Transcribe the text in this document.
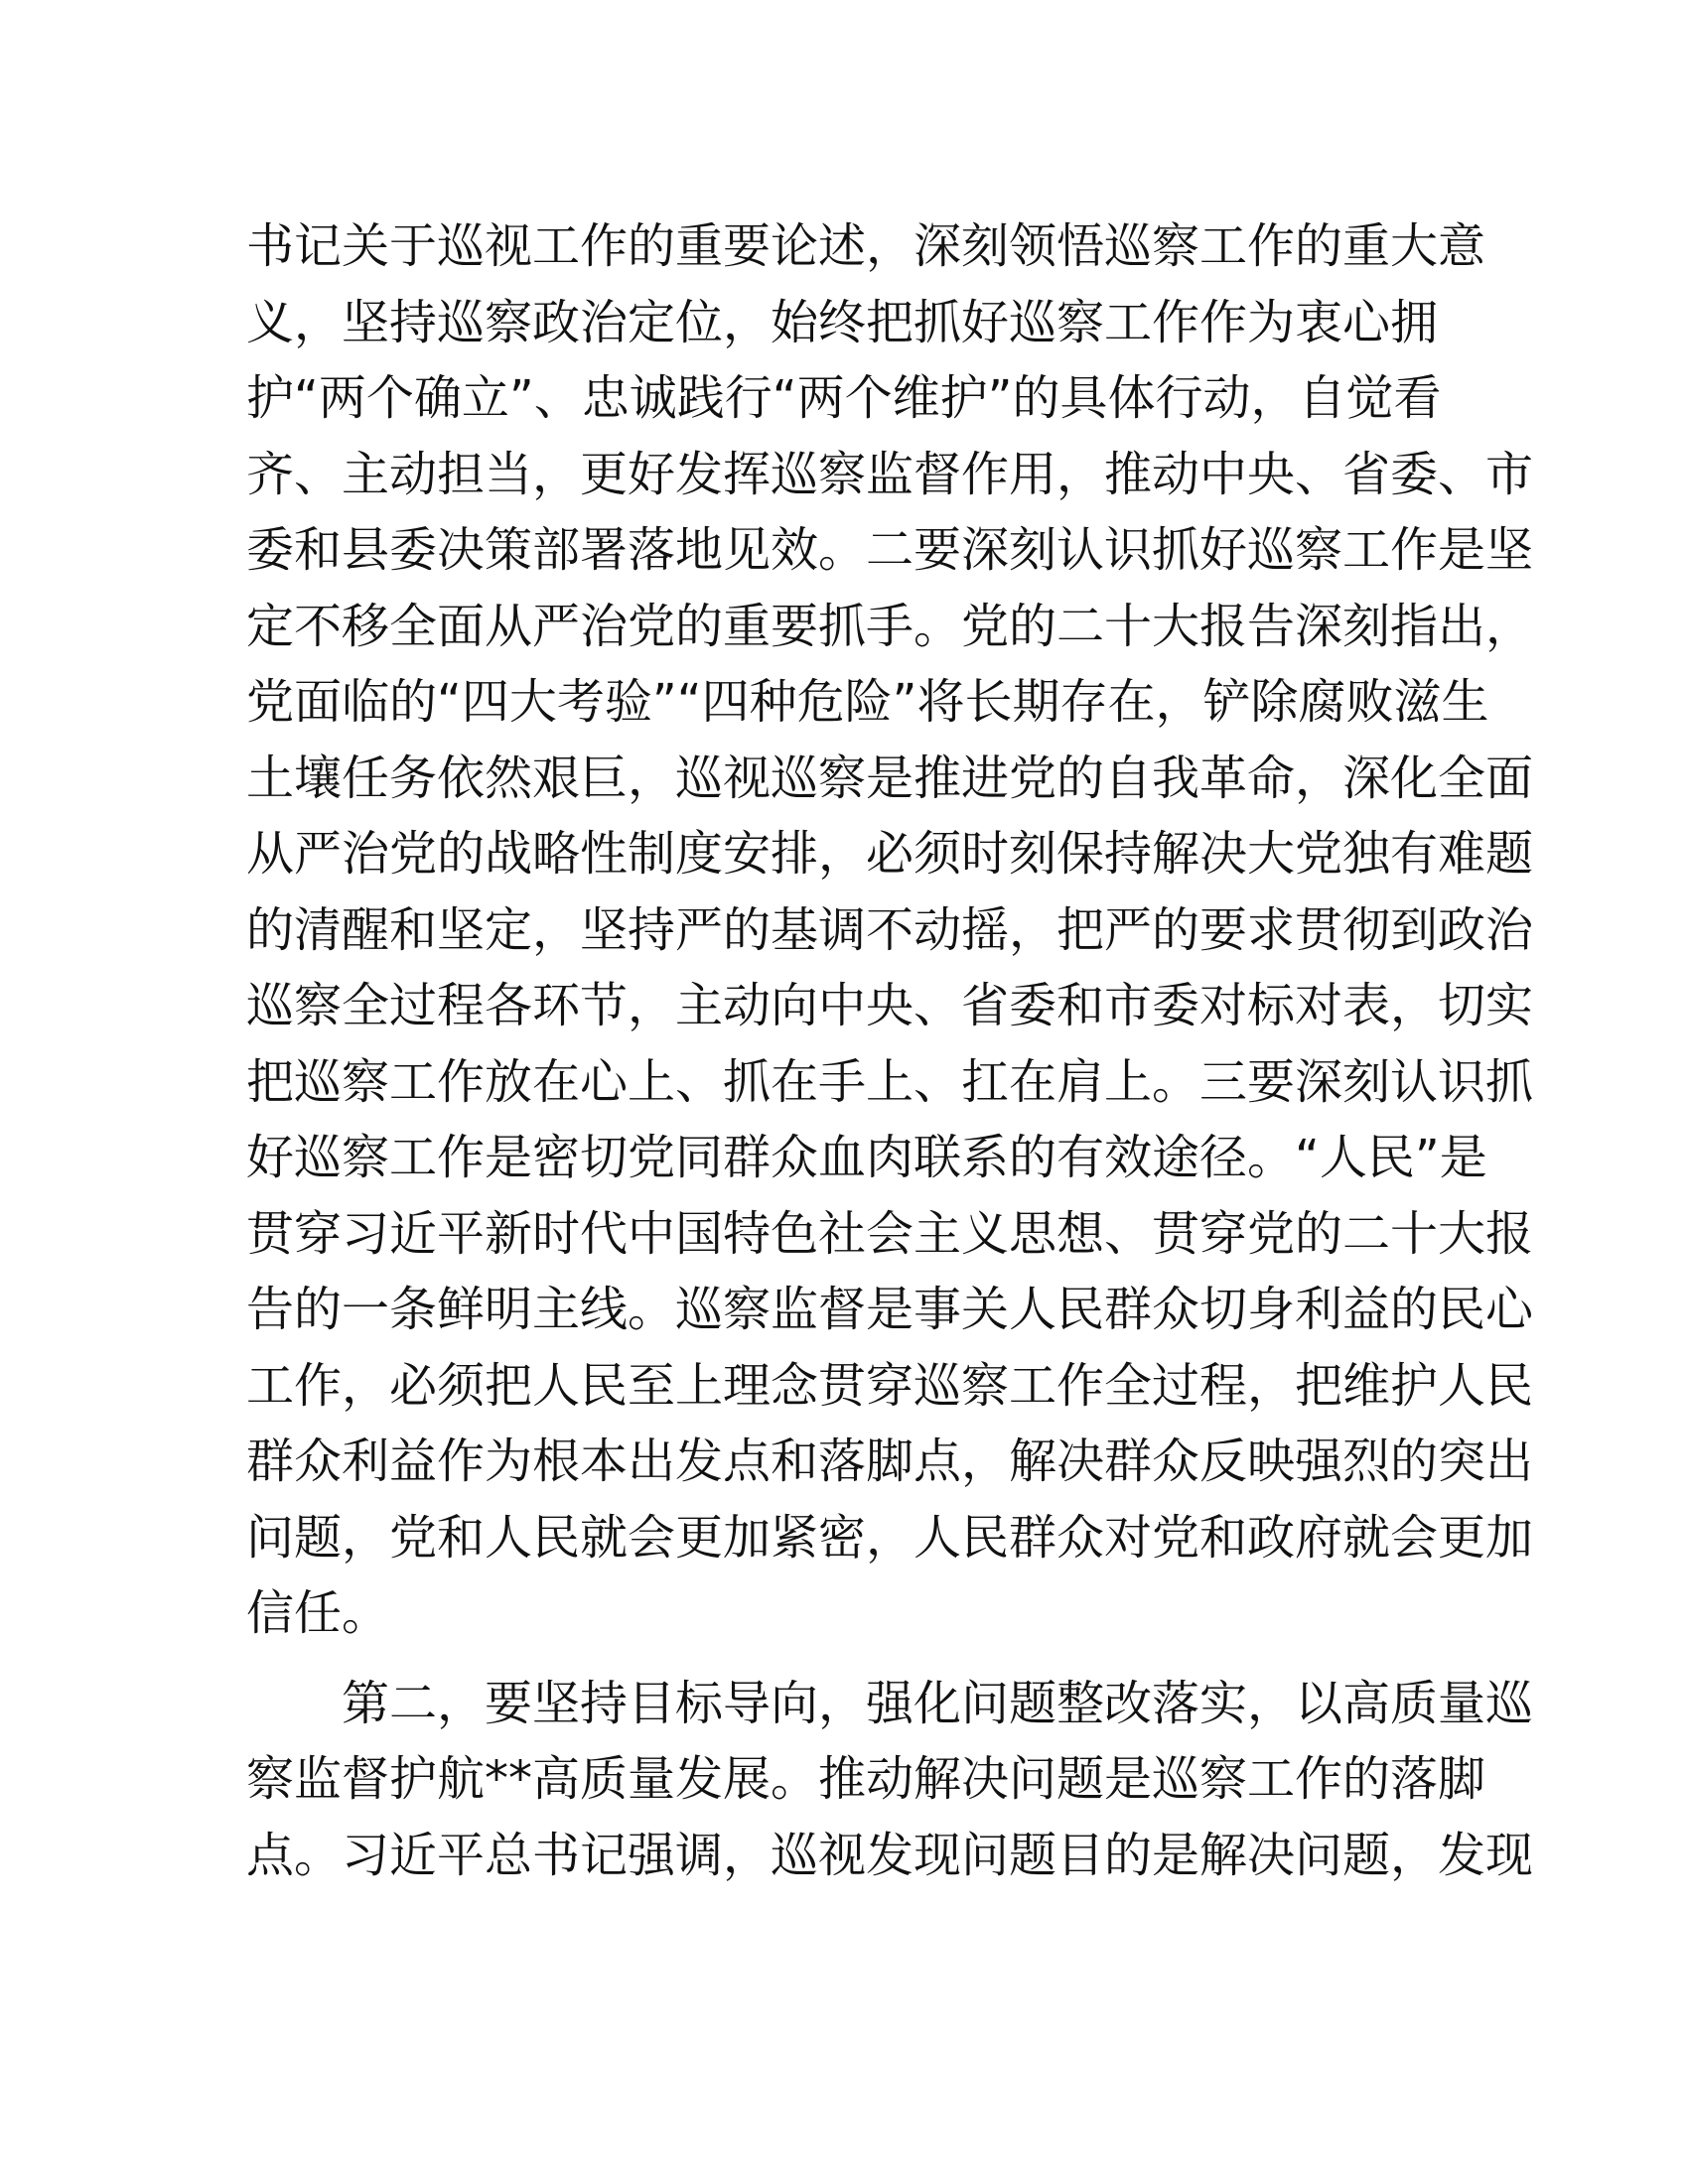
书记关于巡视工作的重要论述，深刻领悟巡察工作的重大意
义，坚持巡察政治定位，始终把抓好巡察工作作为衷心拥
护“两个确立”、忠诚践行“两个维护”的具体行动，自觉看
齐、主动担当，更好发挥巡察监督作用，推动中央、省委、市
委和县委决策部署落地见效。二要深刻认识抓好巡察工作是坚
定不移全面从严治党的重要抓手。党的二十大报告深刻指出，
党面临的“四大考验”“四种危险”将长期存在，铲除腐败滋生
土壤任务依然艰巨，巡视巡察是推进党的自我革命，深化全面
从严治党的战略性制度安排，必须时刻保持解决大党独有难题
的清醒和坚定，坚持严的基调不动摇，把严的要求贯彻到政治
巡察全过程各环节，主动向中央、省委和市委对标对表，切实
把巡察工作放在心上、抓在手上、扛在肩上。三要深刻认识抓
好巡察工作是密切党同群众血肉联系的有效途径。“人民”是
贯穿习近平新时代中国特色社会主义思想、贯穿党的二十大报
告的一条鲜明主线。巡察监督是事关人民群众切身利益的民心
工作，必须把人民至上理念贯穿巡察工作全过程，把维护人民
群众利益作为根本出发点和落脚点，解决群众反映强烈的突出
问题，党和人民就会更加紧密，人民群众对党和政府就会更加
信任。
　　第二，要坚持目标导向，强化问题整改落实，以高质量巡
察监督护航**高质量发展。推动解决问题是巡察工作的落脚
点。习近平总书记强调，巡视发现问题目的是解决问题，发现
